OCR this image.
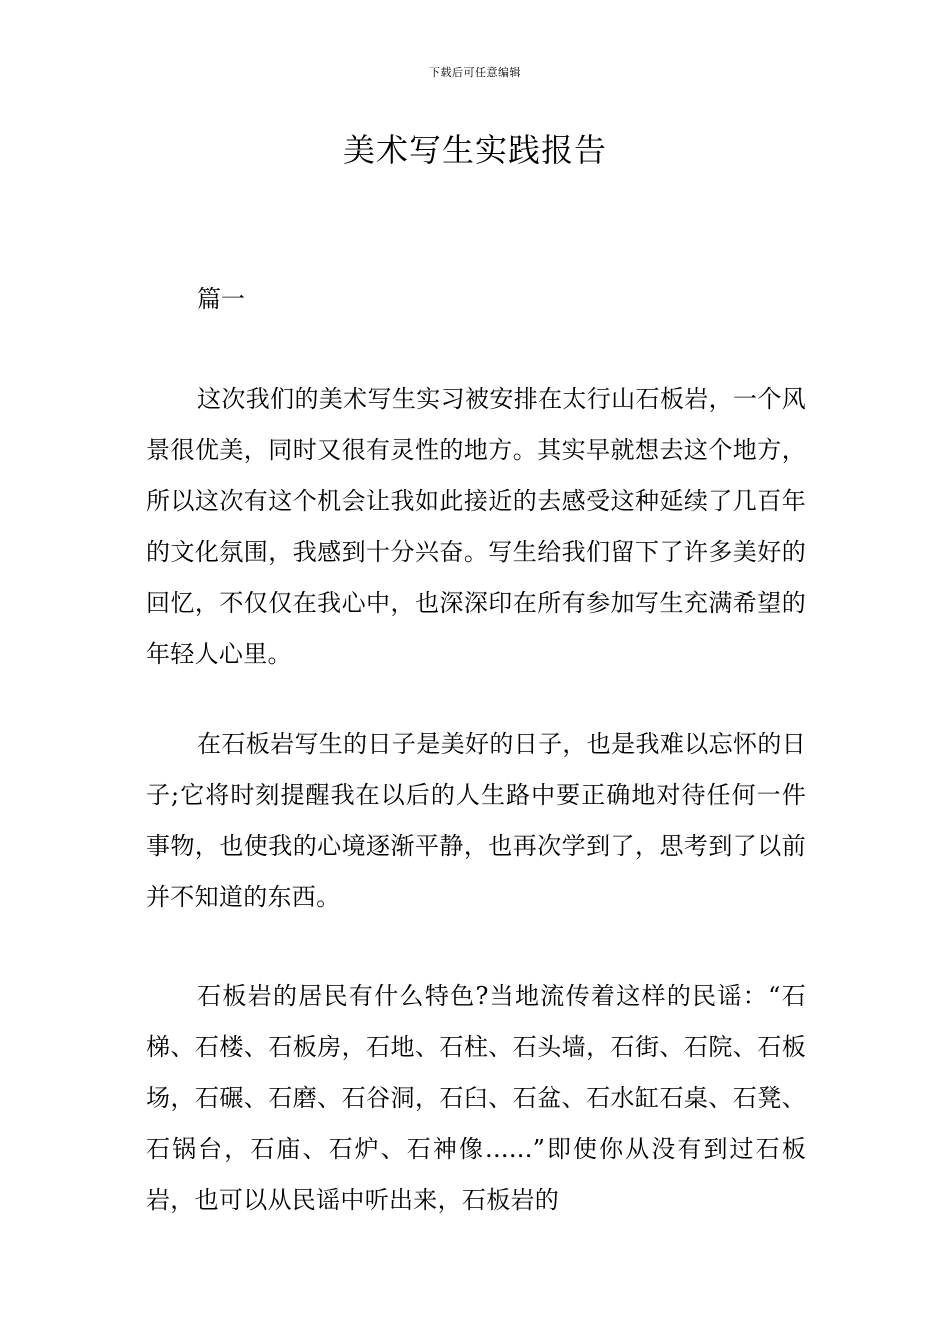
下载后可任意编辑
美术写生实践报告
篇一

这次我们的美术写生实习被安排在太行山石板岩，一个风景很优美，同时又很有灵性的地方。其实早就想去这个地方，所以这次有这个机会让我如此接近的去感受这种延续了几百年的文化氛围，我感到十分兴奋。写生给我们留下了许多美好的回忆，不仅仅在我心中，也深深印在所有参加写生充满希望的年轻人心里。

在石板岩写生的日子是美好的日子，也是我难以忘怀的日子;它将时刻提醒我在以后的人生路中要正确地对待任何一件事物，也使我的心境逐渐平静，也再次学到了，思考到了以前并不知道的东西。

石板岩的居民有什么特色?当地流传着这样的民谣：“石梯、石楼、石板房，石地、石柱、石头墙，石街、石院、石板场，石碾、石磨、石谷洞，石臼、石盆、石水缸石桌、石凳、石锅台，石庙、石炉、石神像......”即使你从没有到过石板岩，也可以从民谣中听出来，石板岩的
